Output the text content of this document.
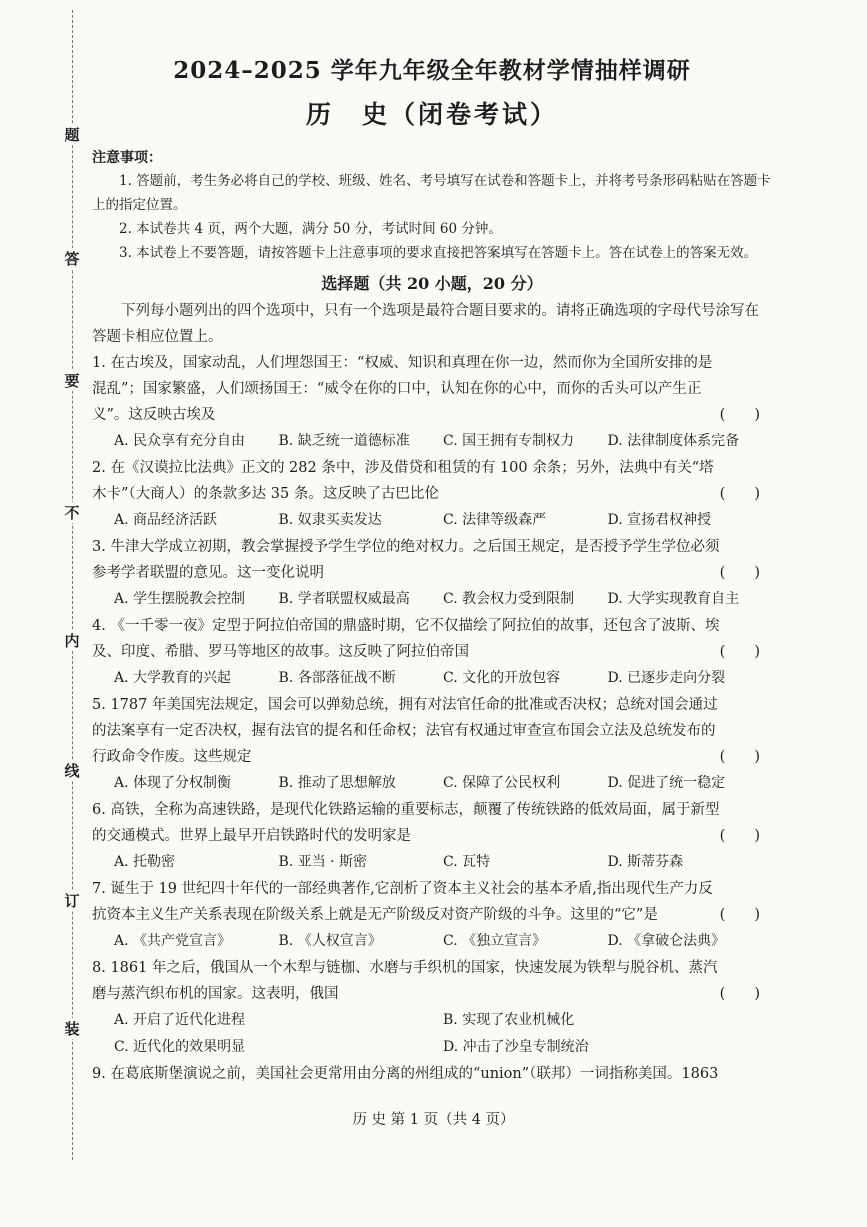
题
答
要
不
内
线
订
装
2024–2025 学年九年级全年教材学情抽样调研
历　史（闭卷考试）
注意事项：

1. 答题前，考生务必将自己的学校、班级、姓名、考号填写在试卷和答题卡上，并将考号条形码粘贴在答题卡上的指定位置。

2. 本试卷共 4 页，两个大题，满分 50 分，考试时间 60 分钟。

3. 本试卷上不要答题，请按答题卡上注意事项的要求直接把答案填写在答题卡上。答在试卷上的答案无效。

选择题（共 20 小题，20 分）

下列每小题列出的四个选项中，只有一个选项是最符合题目要求的。请将正确选项的字母代号涂写在答题卡相应位置上。

1. 在古埃及，国家动乱，人们埋怨国王：“权威、知识和真理在你一边，然而你为全国所安排的是混乱”；国家繁盛，人们颂扬国王：“威令在你的口中，认知在你的心中，而你的舌头可以产生正义”。这反映古埃及	(　　)
A. 民众享有充分自由	B. 缺乏统一道德标准	C. 国王拥有专制权力	D. 法律制度体系完备
2. 在《汉谟拉比法典》正文的 282 条中，涉及借贷和租赁的有 100 余条；另外，法典中有关“塔木卡”（大商人）的条款多达 35 条。这反映了古巴比伦	(　　)
A. 商品经济活跃	B. 奴隶买卖发达	C. 法律等级森严	D. 宣扬君权神授
3. 牛津大学成立初期，教会掌握授予学生学位的绝对权力。之后国王规定，是否授予学生学位必须参考学者联盟的意见。这一变化说明	(　　)
A. 学生摆脱教会控制	B. 学者联盟权威最高	C. 教会权力受到限制	D. 大学实现教育自主
4. 《一千零一夜》定型于阿拉伯帝国的鼎盛时期，它不仅描绘了阿拉伯的故事，还包含了波斯、埃及、印度、希腊、罗马等地区的故事。这反映了阿拉伯帝国	(　　)
A. 大学教育的兴起	B. 各部落征战不断	C. 文化的开放包容	D. 已逐步走向分裂
5. 1787 年美国宪法规定，国会可以弹劾总统，拥有对法官任命的批准或否决权；总统对国会通过的法案享有一定否决权，握有法官的提名和任命权；法官有权通过审查宣布国会立法及总统发布的行政命令作废。这些规定	(　　)
A. 体现了分权制衡	B. 推动了思想解放	C. 保障了公民权利	D. 促进了统一稳定
6. 高铁，全称为高速铁路，是现代化铁路运输的重要标志，颠覆了传统铁路的低效局面，属于新型的交通模式。世界上最早开启铁路时代的发明家是	(　　)
A. 托勒密	B. 亚当 · 斯密	C. 瓦特	D. 斯蒂芬森
7. 诞生于 19 世纪四十年代的一部经典著作,它剖析了资本主义社会的基本矛盾,指出现代生产力反抗资本主义生产关系表现在阶级关系上就是无产阶级反对资产阶级的斗争。这里的“它”是	(　　)
A. 《共产党宣言》	B. 《人权宣言》	C. 《独立宣言》	D. 《拿破仑法典》
8. 1861 年之后，俄国从一个木犁与链枷、水磨与手织机的国家，快速发展为铁犁与脱谷机、蒸汽磨与蒸汽织布机的国家。这表明，俄国	(　　)
A. 开启了近代化进程	B. 实现了农业机械化
C. 近代化的效果明显	D. 冲击了沙皇专制统治
9. 在葛底斯堡演说之前，美国社会更常用由分离的州组成的“union”（联邦）一词指称美国。1863
历 史 第 1 页（共 4 页）
